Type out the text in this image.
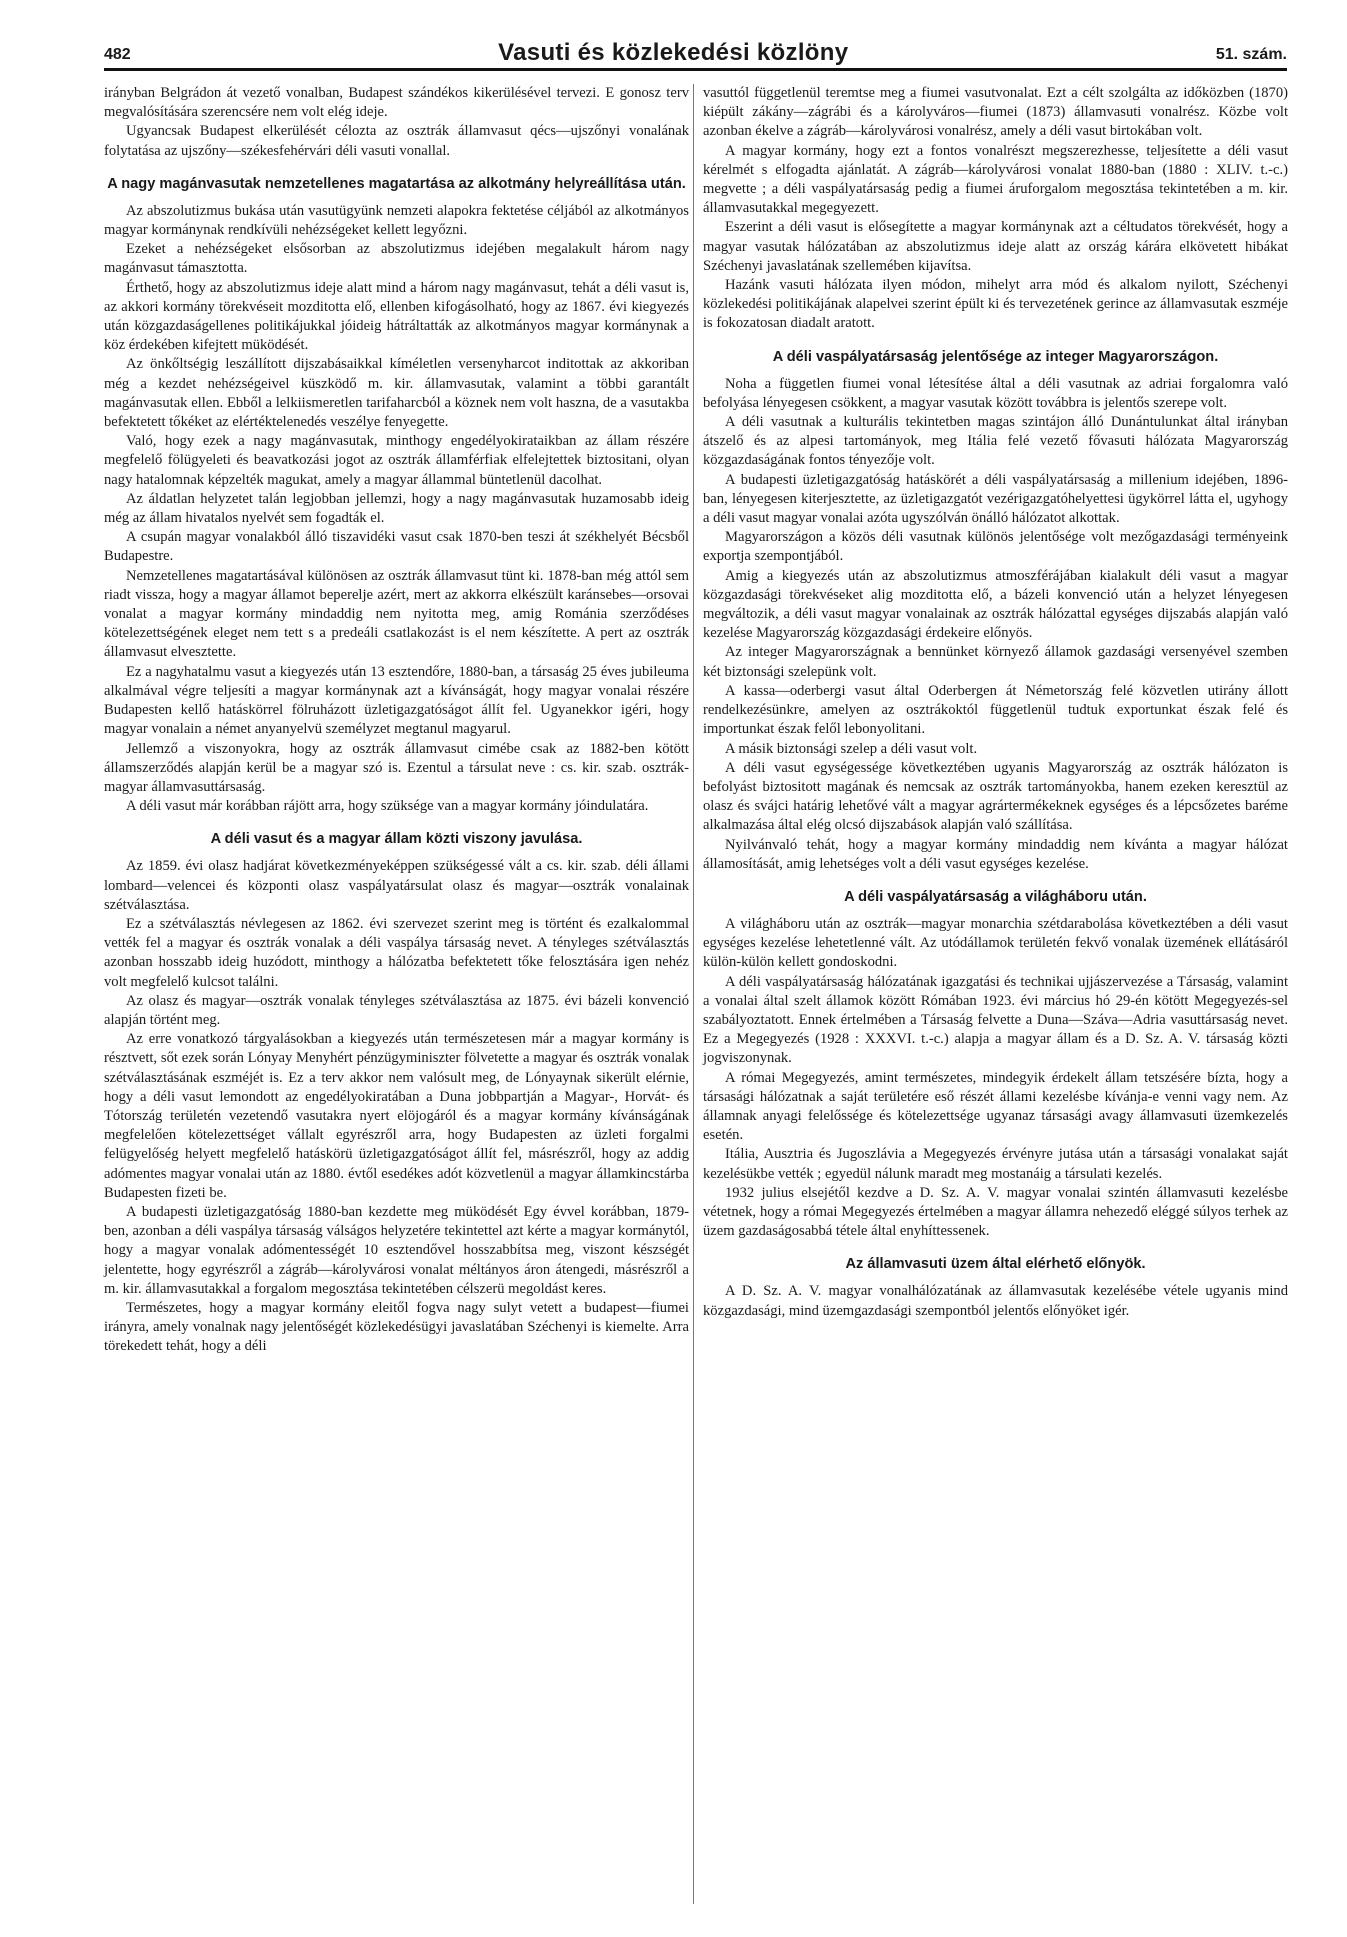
482	Vasuti és közlekedési közlöny	51. szám.

irányban Belgrádon át vezető vonalban, Budapest szándékos kikerülésével tervezi. E gonosz terv megvalósítására szerencsére nem volt elég ideje.

Ugyancsak Budapest elkerülését célozta az osztrák államvasut qécs—ujszőnyi vonalának folytatása az ujszőny—székesfehérvári déli vasuti vonallal.

A nagy magánvasutak nemzetellenes magatartása az alkotmány helyreállítása után.

Az abszolutizmus bukása után vasutügyünk nemzeti alapokra fektetése céljából az alkotmányos magyar kormánynak rendkívüli nehézségeket kellett legyőzni.

Ezeket a nehézségeket elsősorban az abszolutizmus idejében megalakult három nagy magánvasut támasztotta.

Érthető, hogy az abszolutizmus ideje alatt mind a három nagy magánvasut, tehát a déli vasut is, az akkori kormány törekvéseit mozditotta elő, ellenben kifogásolható, hogy az 1867. évi kiegyezés után közgazdaságellenes politikájukkal jóideig hátráltatták az alkotmányos magyar kormánynak a köz érdekében kifejtett müködését.

Az önkőltségig leszállított dijszabásaikkal kíméletlen versenyharcot inditottak az akkoriban még a kezdet nehézségeivel küszködő m. kir. államvasutak, valamint a többi garantált magánvasutak ellen. Ebből a lelkiismeretlen tarifaharcból a köznek nem volt haszna, de a vasutakba befektetett tőkéket az elértéktelenedés veszélye fenyegette.

Való, hogy ezek a nagy magánvasutak, minthogy engedélyokirataikban az állam részére megfelelő fölügyeleti és beavatkozási jogot az osztrák államférfiak elfelejtettek biztositani, olyan nagy hatalomnak képzelték magukat, amely a magyar állammal büntetlenül dacolhat.

Az áldatlan helyzetet talán legjobban jellemzi, hogy a nagy magánvasutak huzamosabb ideig még az állam hivatalos nyelvét sem fogadták el.

A csupán magyar vonalakból álló tiszavidéki vasut csak 1870-ben teszi át székhelyét Bécsből Budapestre.

Nemzetellenes magatartásával különösen az osztrák államvasut tünt ki. 1878-ban még attól sem riadt vissza, hogy a magyar államot beperelje azért, mert az akkorra elkészült karánsebes—orsovai vonalat a magyar kormány mindaddig nem nyitotta meg, amig Románia szerződéses kötelezettségének eleget nem tett s a predeáli csatlakozást is el nem készítette. A pert az osztrák államvasut elvesztette.

Ez a nagyhatalmu vasut a kiegyezés után 13 esztendőre, 1880-ban, a társaság 25 éves jubileuma alkalmával végre teljesíti a magyar kormánynak azt a kívánságát, hogy magyar vonalai részére Budapesten kellő hatáskörrel fölruházott üzletigazgatóságot állít fel. Ugyanekkor igéri, hogy magyar vonalain a német anyanyelvü személyzet megtanul magyarul.

Jellemző a viszonyokra, hogy az osztrák államvasut cimébe csak az 1882-ben kötött államszerződés alapján kerül be a magyar szó is. Ezentul a társulat neve : cs. kir. szab. osztrák-magyar államvasuttársaság.

A déli vasut már korábban rájött arra, hogy szüksége van a magyar kormány jóindulatára.

A déli vasut és a magyar állam közti viszony javulása.

Az 1859. évi olasz hadjárat következményeképpen szükségessé vált a cs. kir. szab. déli állami lombard—velencei és központi olasz vaspályatársulat olasz és magyar—osztrák vonalainak szétválasztása.

Ez a szétválasztás névlegesen az 1862. évi szervezet szerint meg is történt és ezalkalommal vették fel a magyar és osztrák vonalak a déli vaspálya társaság nevet. A tényleges szétválasztás azonban hosszabb ideig huzódott, minthogy a hálózatba befektetett tőke felosztására igen nehéz volt megfelelő kulcsot találni.

Az olasz és magyar—osztrák vonalak tényleges szétválasztása az 1875. évi bázeli konvenció alapján történt meg.

Az erre vonatkozó tárgyalásokban a kiegyezés után természetesen már a magyar kormány is résztvett, sőt ezek során Lónyay Menyhért pénzügyminiszter fölvetette a magyar és osztrák vonalak szétválasztásának eszméjét is. Ez a terv akkor nem valósult meg, de Lónyaynak sikerült elérnie, hogy a déli vasut lemondott az engedélyokiratában a Duna jobbpartján a Magyar-, Horvát- és Tótország területén vezetendő vasutakra nyert elöjogáról és a magyar kormány kívánságának megfelelően kötelezettséget vállalt egyrészről arra, hogy Budapesten az üzleti forgalmi felügyelőség helyett megfelelő hatáskörü üzletigazgatóságot állít fel, másrészről, hogy az addig adómentes magyar vonalai után az 1880. évtől esedékes adót közvetlenül a magyar államkincstárba Budapesten fizeti be.

A budapesti üzletigazgatóság 1880-ban kezdette meg müködését Egy évvel korábban, 1879-ben, azonban a déli vaspálya társaság válságos helyzetére tekintettel azt kérte a magyar kormánytól, hogy a magyar vonalak adómentességét 10 esztendővel hosszabbítsa meg, viszont készségét jelentette, hogy egyrészről a zágráb—károlyvárosi vonalat méltányos áron átengedi, másrészről a m. kir. államvasutakkal a forgalom megosztása tekintetében célszerü megoldást keres.

Természetes, hogy a magyar kormány eleitől fogva nagy sulyt vetett a budapest—fiumei irányra, amely vonalnak nagy jelentőségét közlekedésügyi javaslatában Széchenyi is kiemelte. Arra törekedett tehát, hogy a déli

vasuttól függetlenül teremtse meg a fiumei vasutvonalat. Ezt a célt szolgálta az időközben (1870) kiépült zákány—zágrábi és a károlyváros—fiumei (1873) államvasuti vonalrész. Közbe volt azonban ékelve a zágráb—károlyvárosi vonalrész, amely a déli vasut birtokában volt.

A magyar kormány, hogy ezt a fontos vonalrészt megszerezhesse, teljesítette a déli vasut kérelmét s elfogadta ajánlatát. A zágráb—károlyvárosi vonalat 1880-ban (1880 : XLIV. t.-c.) megvette ; a déli vaspályatársaság pedig a fiumei áruforgalom megosztása tekintetében a m. kir. államvasutakkal megegyezett.

Eszerint a déli vasut is elősegítette a magyar kormánynak azt a céltudatos törekvését, hogy a magyar vasutak hálózatában az abszolutizmus ideje alatt az ország kárára elkövetett hibákat Széchenyi javaslatának szellemében kijavítsa.

Hazánk vasuti hálózata ilyen módon, mihelyt arra mód és alkalom nyilott, Széchenyi közlekedési politikájának alapelvei szerint épült ki és tervezetének gerince az államvasutak eszméje is fokozatosan diadalt aratott.

A déli vaspályatársaság jelentősége az integer Magyarországon.

Noha a független fiumei vonal létesítése által a déli vasutnak az adriai forgalomra való befolyása lényegesen csökkent, a magyar vasutak között továbbra is jelentős szerepe volt.

A déli vasutnak a kulturális tekintetben magas szintájon álló Dunántulunkat által irányban átszelő és az alpesi tartományok, meg Itália felé vezető fővasuti hálózata Magyarország közgazdaságának fontos tényezője volt.

A budapesti üzletigazgatóság hatáskörét a déli vaspályatársaság a millenium idejében, 1896-ban, lényegesen kiterjesztette, az üzletigazgatót vezérigazgatóhelyettesi ügykörrel látta el, ugyhogy a déli vasut magyar vonalai azóta ugyszólván önálló hálózatot alkottak.

Magyarországon a közös déli vasutnak különös jelentősége volt mezőgazdasági terményeink exportja szempontjából.

Amig a kiegyezés után az abszolutizmus atmoszférájában kialakult déli vasut a magyar közgazdasági törekvéseket alig mozditotta elő, a bázeli konvenció után a helyzet lényegesen megváltozik, a déli vasut magyar vonalainak az osztrák hálózattal egységes dijszabás alapján való kezelése Magyarország közgazdasági érdekeire előnyös.

Az integer Magyarországnak a bennünket környező államok gazdasági versenyével szemben két biztonsági szelepünk volt.

A kassa—oderbergi vasut által Oderbergen át Németország felé közvetlen utirány állott rendelkezésünkre, amelyen az osztrákoktól függetlenül tudtuk exportunkat észak felé és importunkat észak felől lebonyolitani.

A másik biztonsági szelep a déli vasut volt.

A déli vasut egységessége következtében ugyanis Magyarország az osztrák hálózaton is befolyást biztositott magának és nemcsak az osztrák tartományokba, hanem ezeken keresztül az olasz és svájci határig lehetővé vált a magyar agrártermékeknek egységes és a lépcsőzetes baréme alkalmazása által elég olcsó dijszabások alapján való szállítása.

Nyilvánvaló tehát, hogy a magyar kormány mindaddig nem kívánta a magyar hálózat államosítását, amig lehetséges volt a déli vasut egységes kezelése.

A déli vaspályatársaság a világháboru után.

A világháboru után az osztrák—magyar monarchia szétdarabolása következtében a déli vasut egységes kezelése lehetetlenné vált. Az utódállamok területén fekvő vonalak üzemének ellátásáról külön-külön kellett gondoskodni.

A déli vaspályatársaság hálózatának igazgatási és technikai ujjászervezése a Társaság, valamint a vonalai által szelt államok között Rómában 1923. évi március hó 29-én kötött Megegyezés-sel szabályoztatott. Ennek értelmében a Társaság felvette a Duna—Száva—Adria vasuttársaság nevet. Ez a Megegyezés (1928 : XXXVI. t.-c.) alapja a magyar állam és a D. Sz. A. V. társaság közti jogviszonynak.

A római Megegyezés, amint természetes, mindegyik érdekelt állam tetszésére bízta, hogy a társasági hálózatnak a saját területére eső részét állami kezelésbe kívánja-e venni vagy nem. Az államnak anyagi felelőssége és kötelezettsége ugyanaz társasági avagy államvasuti üzemkezelés esetén.

Itália, Ausztria és Jugoszlávia a Megegyezés érvényre jutása után a társasági vonalakat saját kezelésükbe vették ; egyedül nálunk maradt meg mostanáig a társulati kezelés.

1932 julius elsejétől kezdve a D. Sz. A. V. magyar vonalai szintén államvasuti kezelésbe vétetnek, hogy a római Megegyezés értelmében a magyar államra nehezedő eléggé súlyos terhek az üzem gazdaságosabbá tétele által enyhíttessenek.

Az államvasuti üzem által elérhető előnyök.

A D. Sz. A. V. magyar vonalhálózatának az államvasutak kezelésébe vétele ugyanis mind közgazdasági, mind üzemgazdasági szempontból jelentős előnyöket igér.
